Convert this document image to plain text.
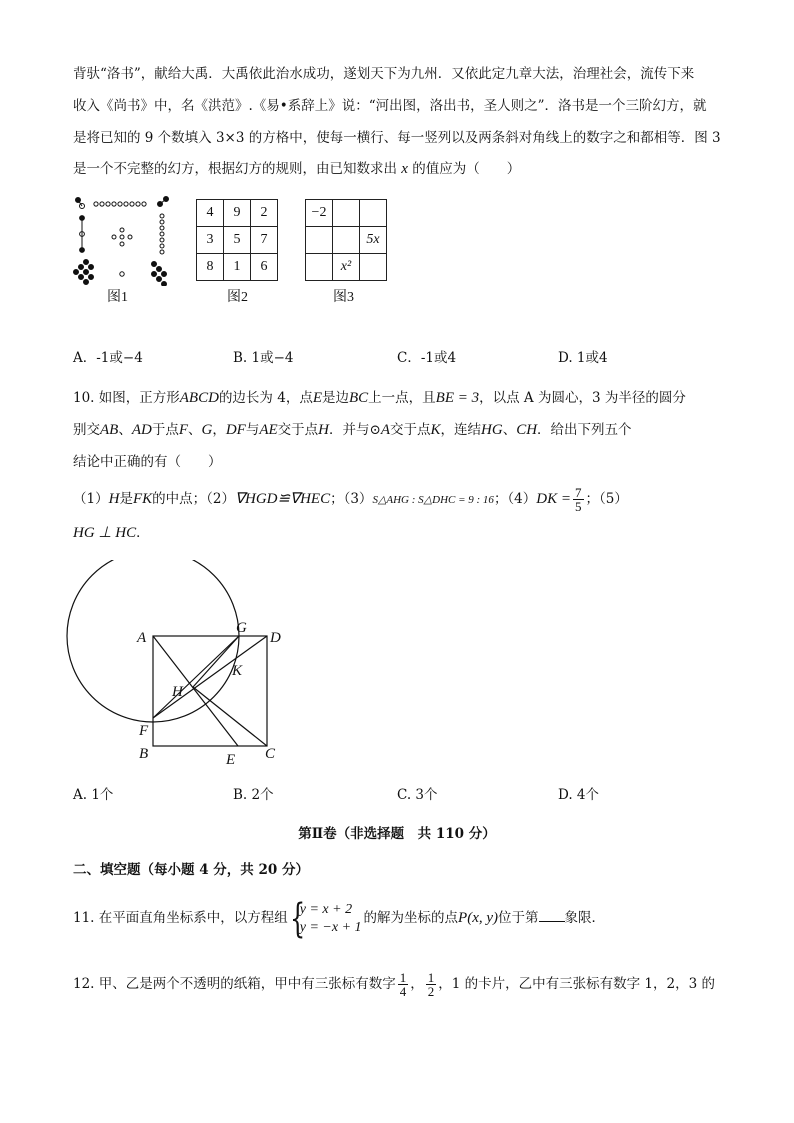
背驮“洛书”，献给大禹．大禹依此治水成功，遂划天下为九州．又依此定九章大法，治理社会，流传下来
收入《尚书》中，名《洪范》.《易•系辞上》说：“河出图，洛出书，圣人则之”．洛书是一个三阶幻方，就
是将已知的 9 个数填入 3×3 的方格中，使每一横行、每一竖列以及两条斜对角线上的数字之和都相等．图 3
是一个不完整的幻方，根据幻方的规则，由已知数求出 x 的值应为（　　）
图1
4	9	2
3	5	7
8	1	6
图2
−2		
		5x
	x²	
图3
A．-1或−4	B. 1或−4	C．-1或4	D. 1或4
10. 如图，正方形ABCD的边长为 4，点E是边BC上一点，且BE = 3，以点 A 为圆心，3 为半径的圆分
别交AB、AD于点F、G，DF与AE交于点H．并与⊙A交于点K，连结HG、CH．给出下列五个
结论中正确的有（　　）
（1）H是FK的中点；（2）∇HGD≌∇HEC；（3）S△AHG : S△DHC = 9 : 16；$(4)DK = \frac{7}{5}$ ；（5）
HG ⊥ HC．
A
G
D
K
H
F
B	E C
A. 1个	B. 2个	C. 3个	D. 4个
第Ⅱ卷（非选择题　共 110 分）
二、填空题（每小题 4 分，共 20 分）
11. 在平面直角坐标系中，以方程组 {
y = x + 2
y = −x + 1
的解为坐标的点P(x, y)位于第 象限．
12. 甲、乙是两个不透明的纸箱，甲中有三张标有数字 $\frac{1}{4}$ ， $\frac{1}{2}$ ，1 的卡片，乙中有三张标有数字 1，2，3 的
